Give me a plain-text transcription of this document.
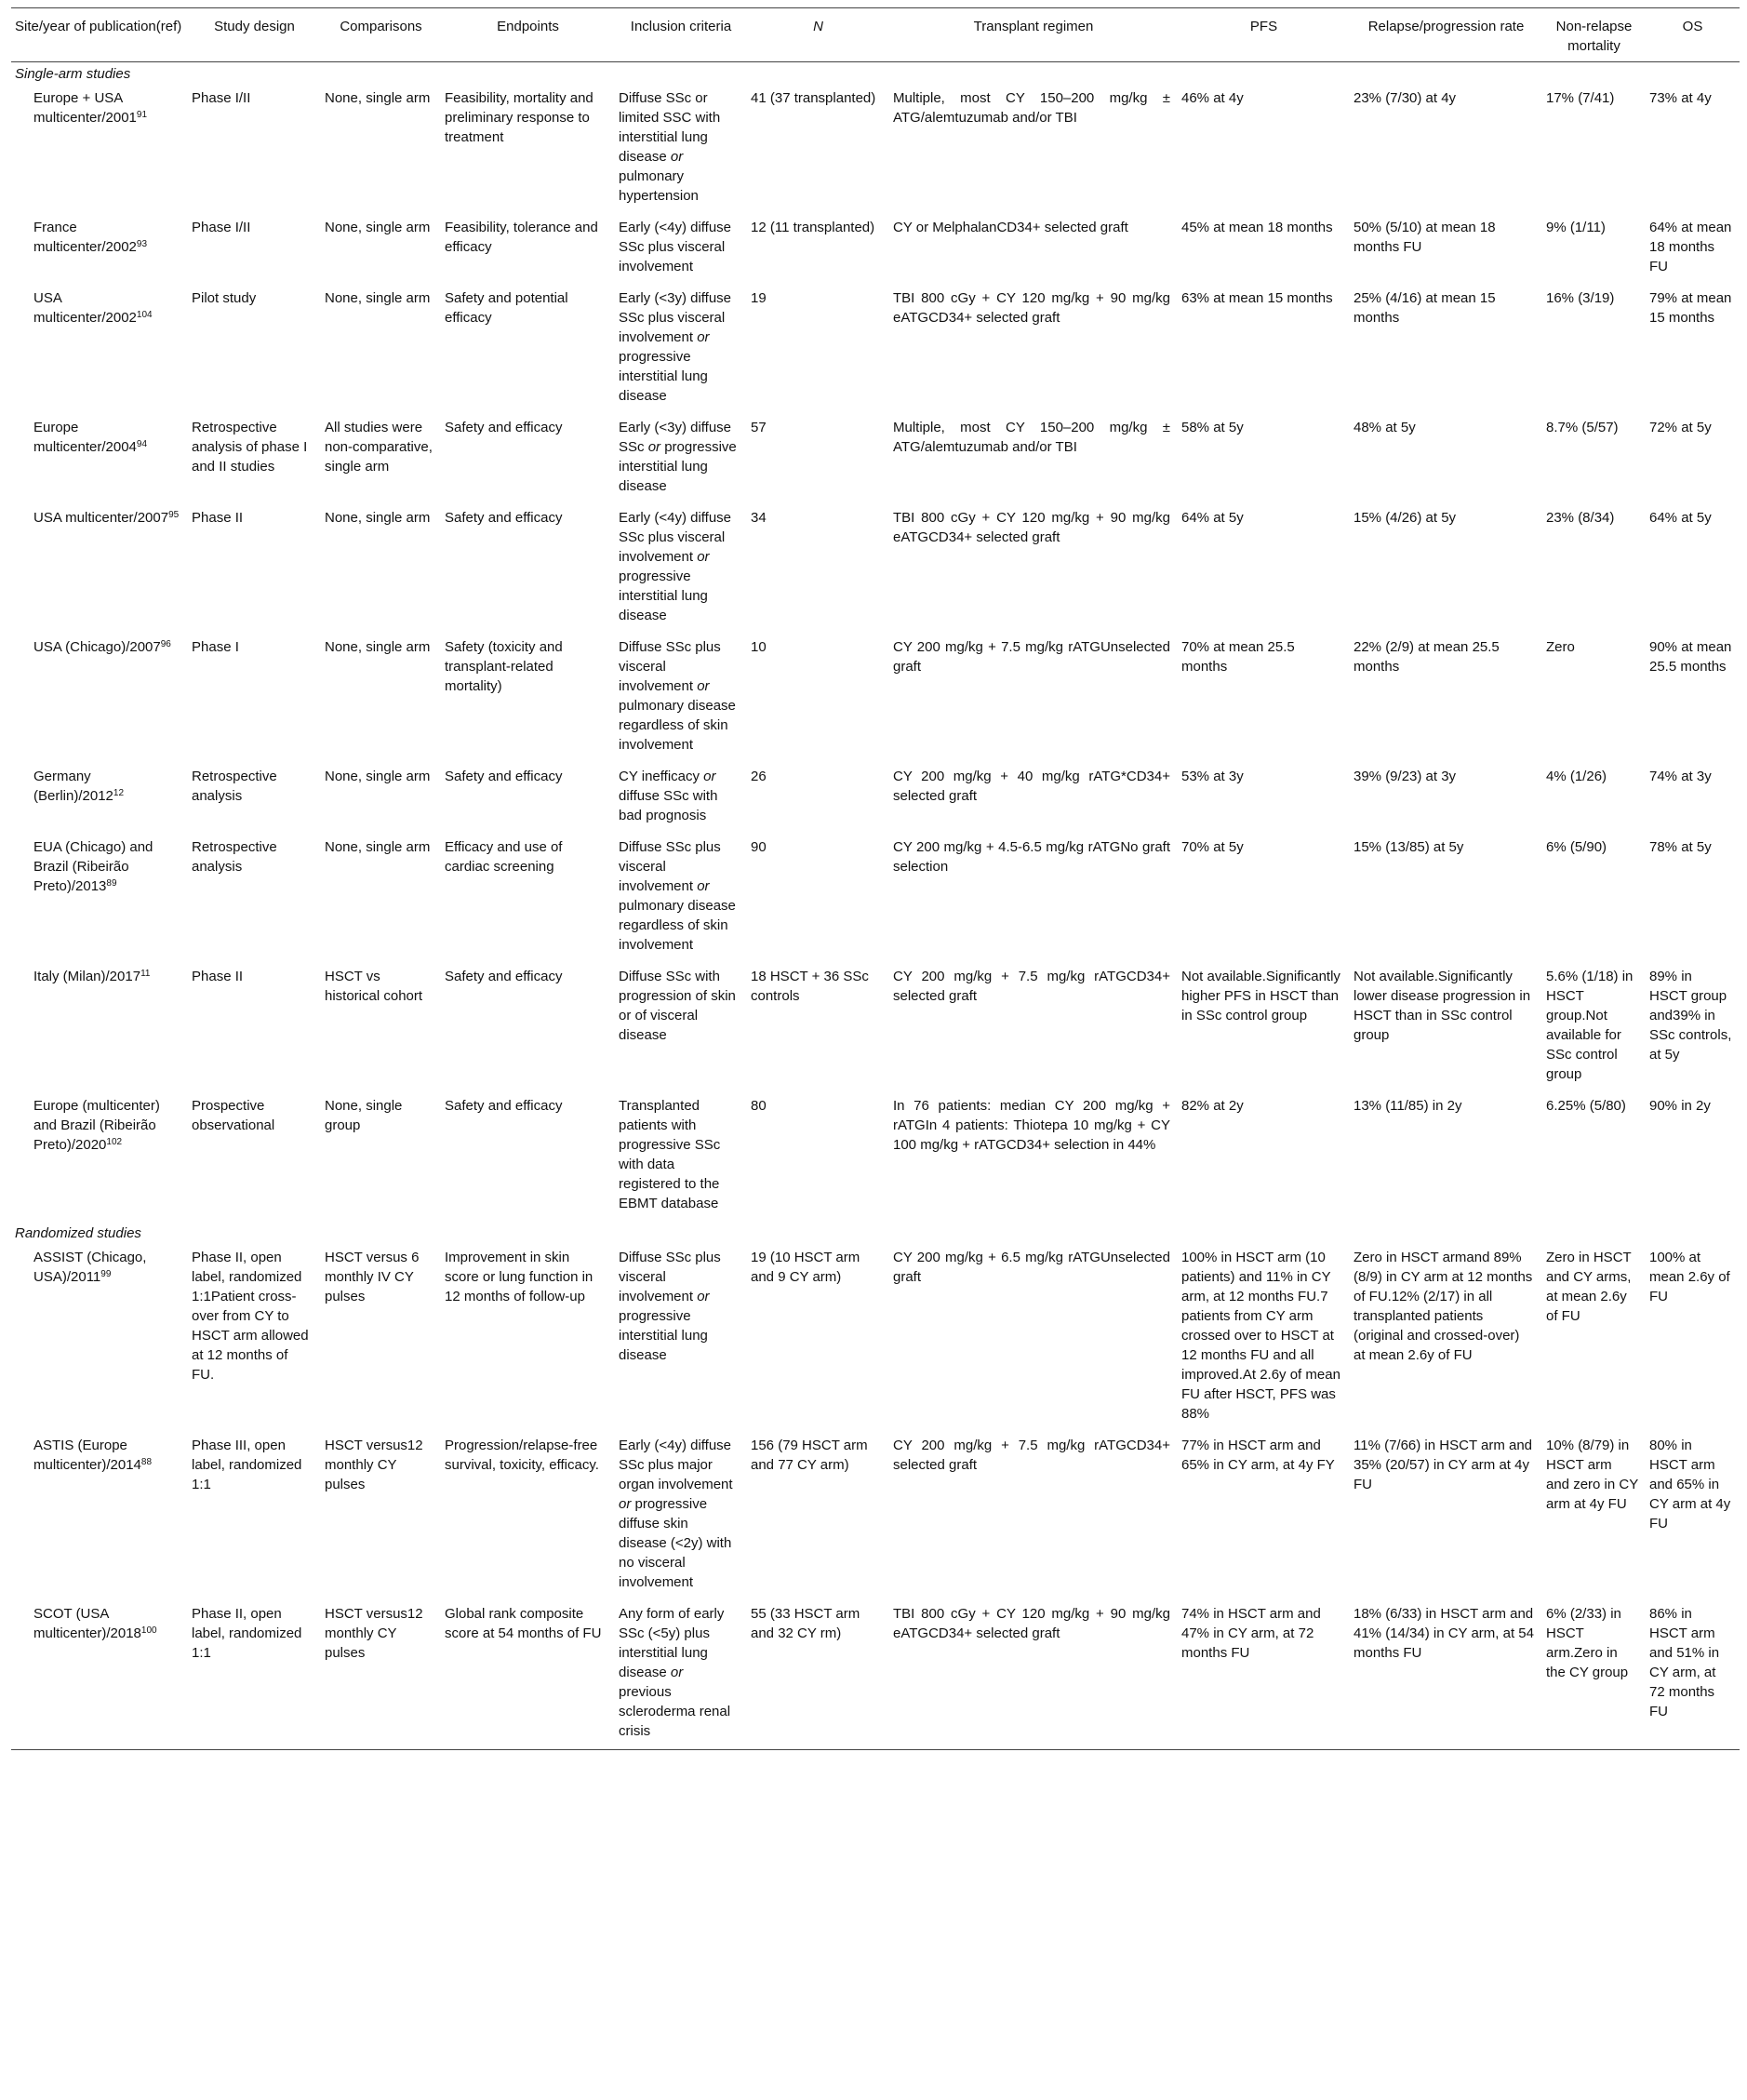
Site/year of publication(ref)	Study design	Comparisons	Endpoints	Inclusion criteria	N	Transplant regimen	PFS	Relapse/progression rate	Non-relapse mortality	OS
Single-arm studies										
Europe + USA multicenter/2001$^{91}$	Phase I/II	None, single arm	Feasibility, mortality and preliminary response to treatment	Diffuse SSc or limited SSC with interstitial lung disease or pulmonary hypertension	41 (37 transplanted)	Multiple, most CY 150–200 mg/kg ± ATG/alemtuzumab and/or TBI	46% at 4y	23% (7/30) at 4y	17% (7/41)	73% at 4y
France multicenter/2002$^{93}$	Phase I/II	None, single arm	Feasibility, tolerance and efficacy	Early (<4y) diffuse SSc plus visceral involvement	12 (11 transplanted)	CY or MelphalanCD34+ selected graft	45% at mean 18 months	50% (5/10) at mean 18 months FU	9% (1/11)	64% at mean 18 months FU
USA multicenter/2002$^{104}$	Pilot study	None, single arm	Safety and potential efficacy	Early (<3y) diffuse SSc plus visceral involvement or progressive interstitial lung disease	19	TBI 800 cGy + CY 120 mg/kg + 90 mg/kg eATGCD34+ selected graft	63% at mean 15 months	25% (4/16) at mean 15 months	16% (3/19)	79% at mean 15 months
Europe multicenter/2004$^{94}$	Retrospective analysis of phase I and II studies	All studies were non-comparative, single arm	Safety and efficacy	Early (<3y) diffuse SSc or progressive interstitial lung disease	57	Multiple, most CY 150–200 mg/kg ± ATG/alemtuzumab and/or TBI	58% at 5y	48% at 5y	8.7% (5/57)	72% at 5y
USA multicenter/2007$^{95}$	Phase II	None, single arm	Safety and efficacy	Early (<4y) diffuse SSc plus visceral involvement or progressive interstitial lung disease	34	TBI 800 cGy + CY 120 mg/kg + 90 mg/kg eATGCD34+ selected graft	64% at 5y	15% (4/26) at 5y	23% (8/34)	64% at 5y
USA (Chicago)/2007$^{96}$	Phase I	None, single arm	Safety (toxicity and transplant-related mortality)	Diffuse SSc plus visceral involvement or pulmonary disease regardless of skin involvement	10	CY 200 mg/kg + 7.5 mg/kg rATGUnselected graft	70% at mean 25.5 months	22% (2/9) at mean 25.5 months	Zero	90% at mean 25.5 months
Germany (Berlin)/2012$^{12}$	Retrospective analysis	None, single arm	Safety and efficacy	CY inefficacy or diffuse SSc with bad prognosis	26	CY 200 mg/kg + 40 mg/kg rATG*CD34+ selected graft	53% at 3y	39% (9/23) at 3y	4% (1/26)	74% at 3y
EUA (Chicago) and Brazil (Ribeirão Preto)/2013$^{89}$	Retrospective analysis	None, single arm	Efficacy and use of cardiac screening	Diffuse SSc plus visceral involvement or pulmonary disease regardless of skin involvement	90	CY 200 mg/kg + 4.5-6.5 mg/kg rATGNo graft selection	70% at 5y	15% (13/85) at 5y	6% (5/90)	78% at 5y
Italy (Milan)/2017$^{11}$	Phase II	HSCT vs historical cohort	Safety and efficacy	Diffuse SSc with progression of skin or of visceral disease	18 HSCT + 36 SSc controls	CY 200 mg/kg + 7.5 mg/kg rATGCD34+ selected graft	Not available.Significantly higher PFS in HSCT than in SSc control group	Not available.Significantly lower disease progression in HSCT than in SSc control group	5.6% (1/18) in HSCT group.Not available for SSc control group	89% in HSCT group and39% in SSc controls, at 5y
Europe (multicenter) and Brazil (Ribeirão Preto)/2020$^{102}$	Prospective observational	None, single group	Safety and efficacy	Transplanted patients with progressive SSc with data registered to the EBMT database	80	In 76 patients: median CY 200 mg/kg + rATGIn 4 patients: Thiotepa 10 mg/kg + CY 100 mg/kg + rATGCD34+ selection in 44%	82% at 2y	13% (11/85) in 2y	6.25% (5/80)	90% in 2y
Randomized studies										
ASSIST (Chicago, USA)/2011$^{99}$	Phase II, open label, randomized 1:1Patient cross-over from CY to HSCT arm allowed at 12 months of FU.	HSCT versus 6 monthly IV CY pulses	Improvement in skin score or lung function in 12 months of follow-up	Diffuse SSc plus visceral involvement or progressive interstitial lung disease	19 (10 HSCT arm and 9 CY arm)	CY 200 mg/kg + 6.5 mg/kg rATGUnselected graft	100% in HSCT arm (10 patients) and 11% in CY arm, at 12 months FU.7 patients from CY arm crossed over to HSCT at 12 months FU and all improved.At 2.6y of mean FU after HSCT, PFS was 88%	Zero in HSCT armand 89% (8/9) in CY arm at 12 months of FU.12% (2/17) in all transplanted patients (original and crossed-over) at mean 2.6y of FU	Zero in HSCT and CY arms, at mean 2.6y of FU	100% at mean 2.6y of FU
ASTIS (Europe multicenter)/2014$^{88}$	Phase III, open label, randomized 1:1	HSCT versus12 monthly CY pulses	Progression/relapse-free survival, toxicity, efficacy.	Early (<4y) diffuse SSc plus major organ involvement or progressive diffuse skin disease (<2y) with no visceral involvement	156 (79 HSCT arm and 77 CY arm)	CY 200 mg/kg + 7.5 mg/kg rATGCD34+ selected graft	77% in HSCT arm and 65% in CY arm, at 4y FY	11% (7/66) in HSCT arm and 35% (20/57) in CY arm at 4y FU	10% (8/79) in HSCT arm and zero in CY arm at 4y FU	80% in HSCT arm and 65% in CY arm at 4y FU
SCOT (USA multicenter)/2018$^{100}$	Phase II, open label, randomized 1:1	HSCT versus12 monthly CY pulses	Global rank composite score at 54 months of FU	Any form of early SSc (<5y) plus interstitial lung disease or previous scleroderma renal crisis	55 (33 HSCT arm and 32 CY rm)	TBI 800 cGy + CY 120 mg/kg + 90 mg/kg eATGCD34+ selected graft	74% in HSCT arm and 47% in CY arm, at 72 months FU	18% (6/33) in HSCT arm and 41% (14/34) in CY arm, at 54 months FU	6% (2/33) in HSCT arm.Zero in the CY group	86% in HSCT arm and 51% in CY arm, at 72 months FU
